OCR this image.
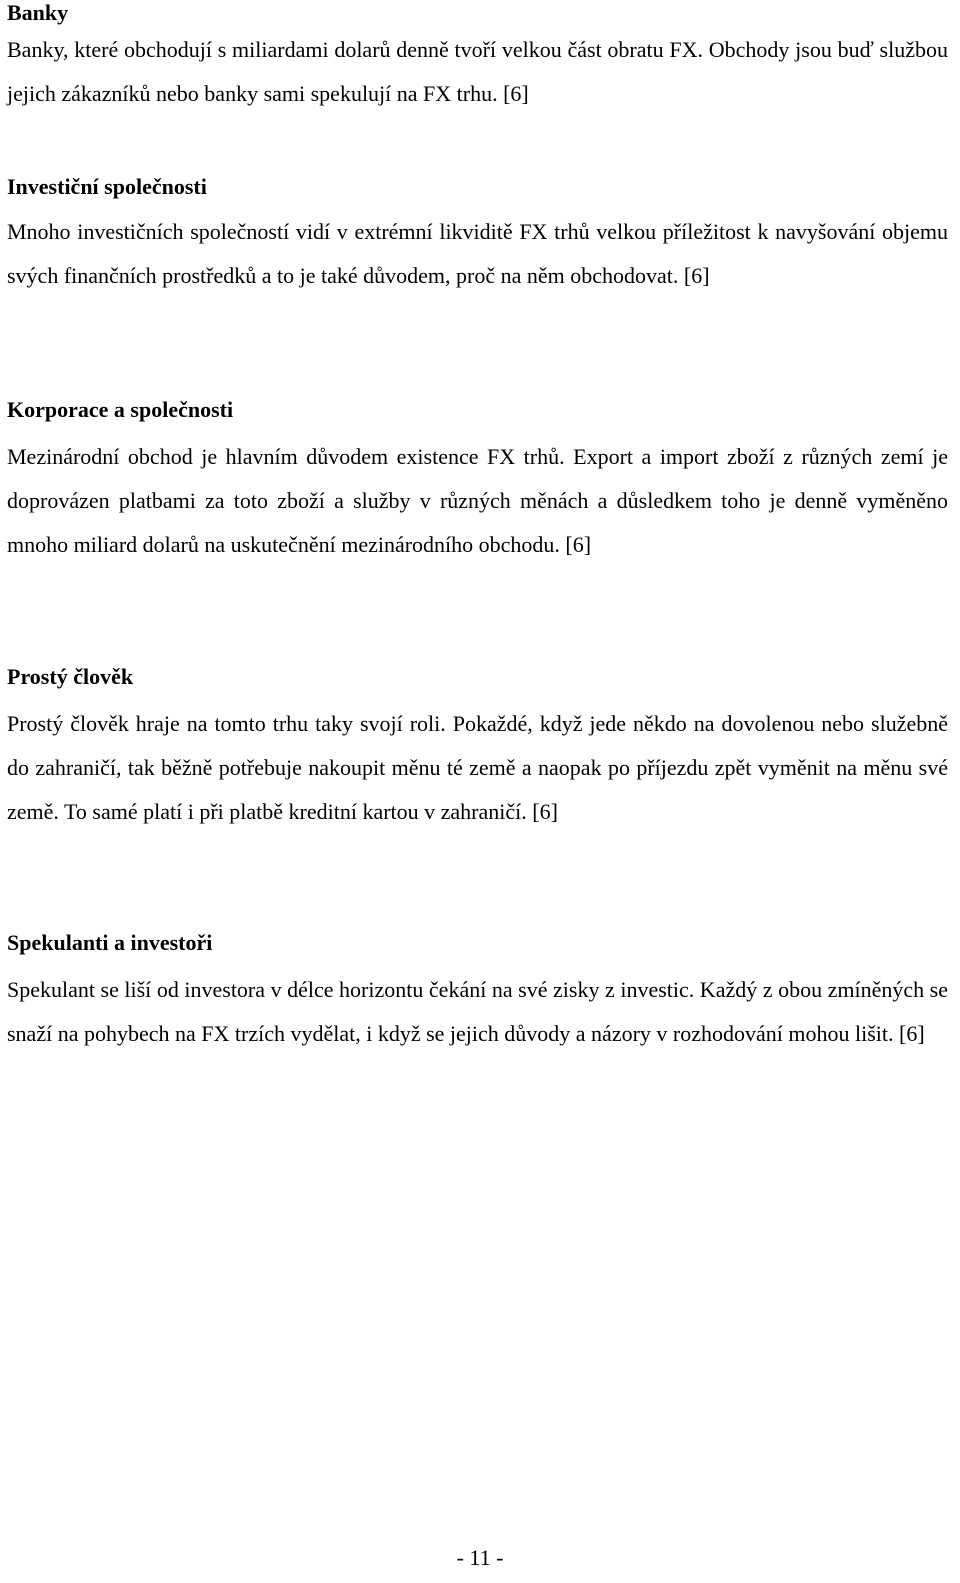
Banky

Banky, které obchodují s miliardami dolarů denně tvoří velkou část obratu FX. Obchody jsou buď službou jejich zákazníků nebo banky sami spekulují na FX trhu. [6]

Investiční společnosti

Mnoho investičních společností vidí v extrémní likviditě FX trhů velkou příležitost k navyšování objemu svých finančních prostředků a to je také důvodem, proč na něm obchodovat. [6]

Korporace a společnosti

Mezinárodní obchod je hlavním důvodem existence FX trhů. Export a import zboží z různých zemí je doprovázen platbami za toto zboží a služby v různých měnách a důsledkem toho je denně vyměněno mnoho miliard dolarů na uskutečnění mezinárodního obchodu. [6]

Prostý člověk

Prostý člověk hraje na tomto trhu taky svojí roli. Pokaždé, když jede někdo na dovolenou nebo služebně do zahraničí, tak běžně potřebuje nakoupit měnu té země a naopak po příjezdu zpět vyměnit na měnu své země. To samé platí i při platbě kreditní kartou v zahraničí. [6]

Spekulanti a investoři

Spekulant se liší od investora v délce horizontu čekání na své zisky z investic. Každý z obou zmíněných se snaží na pohybech na FX trzích vydělat, i když se jejich důvody a názory v rozhodování mohou lišit. [6]

- 11 -
